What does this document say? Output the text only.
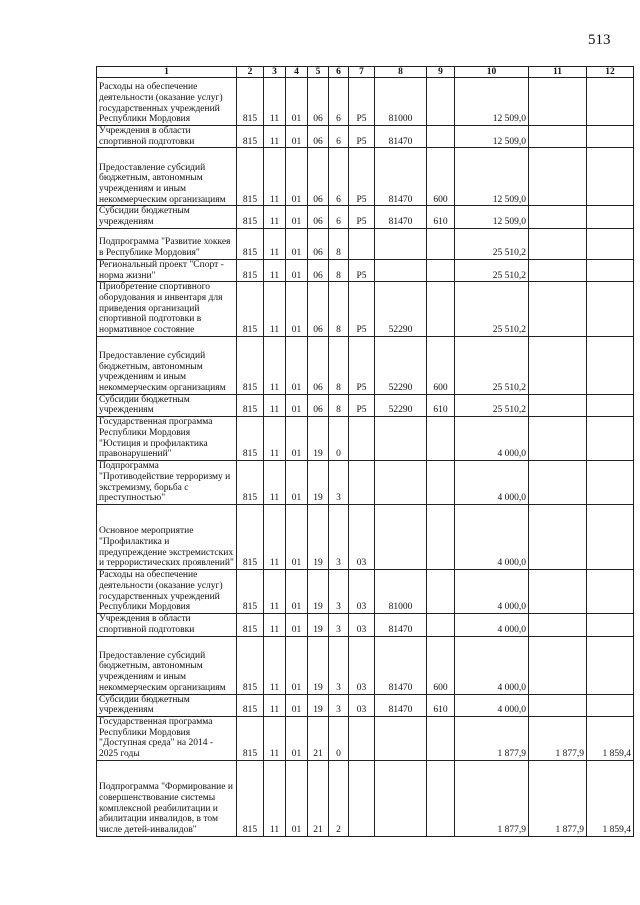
513
1	2	3	4	5	6	7	8	9	10	11	12
Расходы на обеспечение деятельности (оказание услуг) государственных учреждений Республики Мордовия	815	11	01	06	6	P5	81000		12 509,0		
Учреждения в области спортивной подготовки	815	11	01	06	6	P5	81470		12 509,0		
Предоставление субсидий бюджетным, автономным учреждениям и иным некоммерческим организациям	815	11	01	06	6	P5	81470	600	12 509,0		
Субсидии бюджетным учреждениям	815	11	01	06	6	P5	81470	610	12 509,0		
Подпрограмма "Развитие хоккея в Республике Мордовия"	815	11	01	06	8				25 510,2		
Региональный проект "Спорт - норма жизни"	815	11	01	06	8	P5			25 510,2		
Приобретение спортивного оборудования и инвентаря для приведения организаций спортивной подготовки в нормативное состояние	815	11	01	06	8	P5	52290		25 510,2		
Предоставление субсидий бюджетным, автономным учреждениям и иным некоммерческим организациям	815	11	01	06	8	P5	52290	600	25 510,2		
Субсидии бюджетным учреждениям	815	11	01	06	8	P5	52290	610	25 510,2		
Государственная программа Республики Мордовия "Юстиция и профилактика правонарушений"	815	11	01	19	0				4 000,0		
Подпрограмма "Противодействие терроризму и экстремизму, борьба с преступностью"	815	11	01	19	3				4 000,0		
Основное мероприятие "Профилактика и предупреждение экстремистских и террористических проявлений"	815	11	01	19	3	03			4 000,0		
Расходы на обеспечение деятельности (оказание услуг) государственных учреждений Республики Мордовия	815	11	01	19	3	03	81000		4 000,0		
Учреждения в области спортивной подготовки	815	11	01	19	3	03	81470		4 000,0		
Предоставление субсидий бюджетным, автономным учреждениям и иным некоммерческим организациям	815	11	01	19	3	03	81470	600	4 000,0		
Субсидии бюджетным учреждениям	815	11	01	19	3	03	81470	610	4 000,0		
Государственная программа Республики Мордовия "Доступная среда" на 2014 - 2025 годы	815	11	01	21	0				1 877,9	1 877,9	1 859,4
Подпрограмма "Формирование и совершенствование системы комплексной реабилитации и абилитации инвалидов, в том числе детей-инвалидов"	815	11	01	21	2				1 877,9	1 877,9	1 859,4
